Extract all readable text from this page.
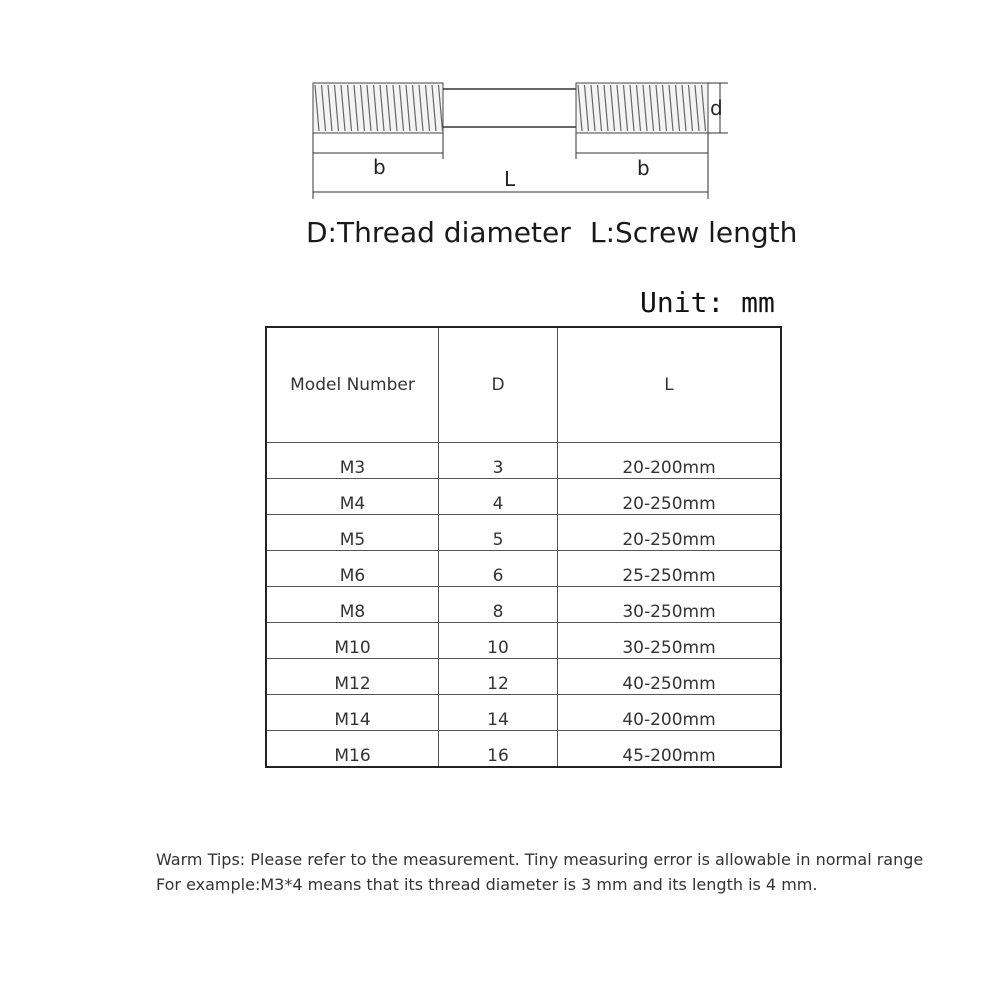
d
b	b
L
D:Thread diameter L:Screw length
Unit: mm
Model Number	D	L
M3	3	20-200mm
M4	4	20-250mm
M5	5	20-250mm
M6	6	25-250mm
M8	8	30-250mm
M10	10	30-250mm
M12	12	40-250mm
M14	14	40-200mm
M16	16	45-200mm
Warm Tips: Please refer to the measurement. Tiny measuring error is allowable in normal range
For example:M3*4 means that its thread diameter is 3 mm and its length is 4 mm.
